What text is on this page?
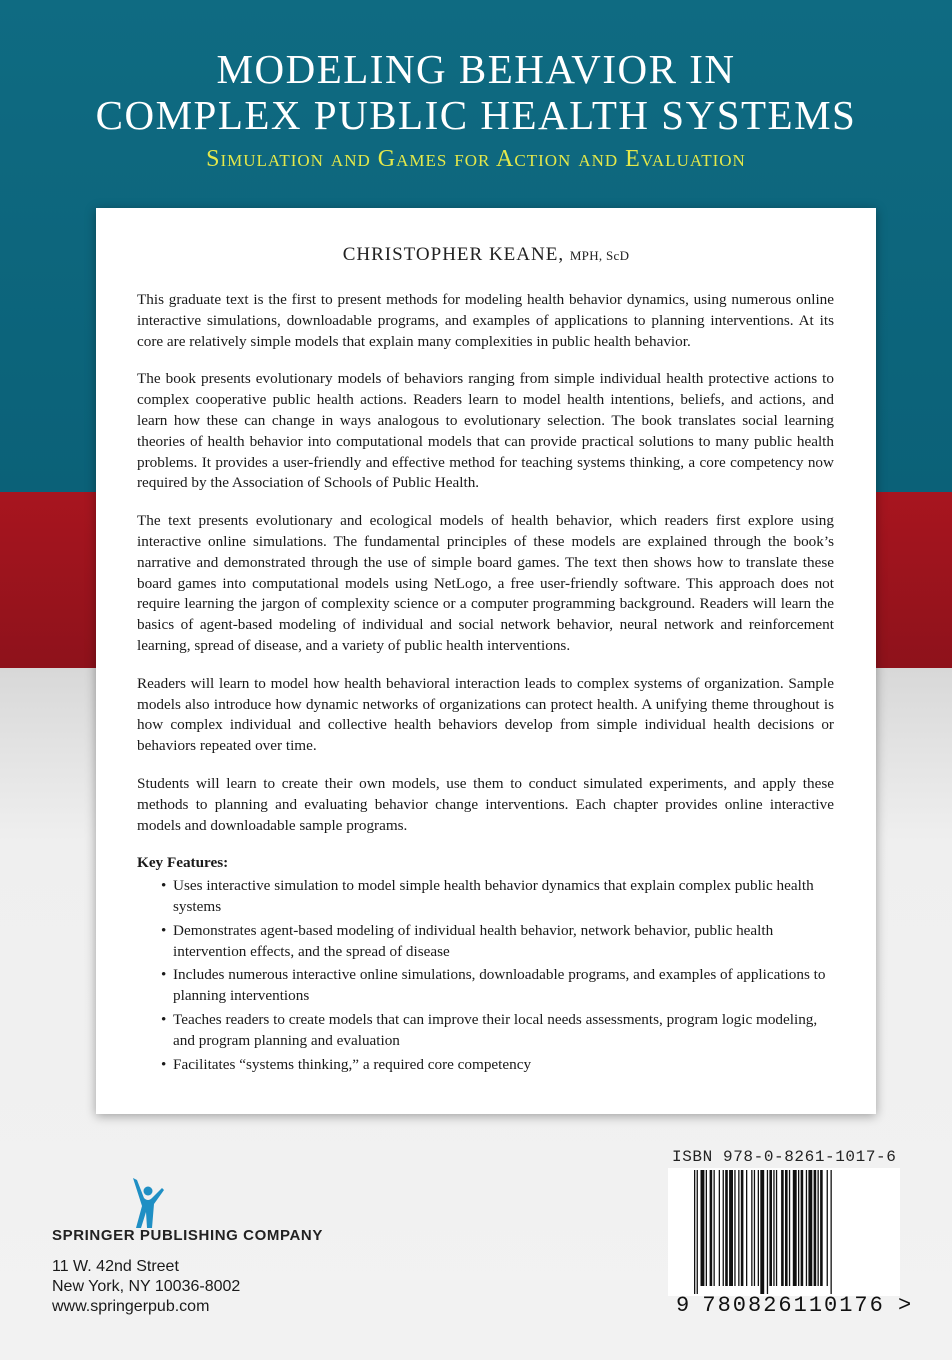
MODELING BEHAVIOR IN
COMPLEX PUBLIC HEALTH SYSTEMS
Simulation and Games for Action and Evaluation
CHRISTOPHER KEANE, MPH, ScD

This graduate text is the first to present methods for modeling health behavior dynamics, using numerous online interactive simulations, downloadable programs, and examples of applications to planning interventions. At its core are relatively simple models that explain many complexities in public health behavior.

The book presents evolutionary models of behaviors ranging from simple individual health protective actions to complex cooperative public health actions. Readers learn to model health intentions, beliefs, and actions, and learn how these can change in ways analogous to evolutionary selection. The book translates social learning theories of health behavior into computational models that can provide practical solutions to many public health problems. It provides a user-friendly and effective method for teaching systems thinking, a core competency now required by the Association of Schools of Public Health.

The text presents evolutionary and ecological models of health behavior, which readers first explore using interactive online simulations. The fundamental principles of these models are explained through the book’s narrative and demonstrated through the use of simple board games. The text then shows how to translate these board games into computational models using NetLogo, a free user-friendly software. This approach does not require learning the jargon of complexity science or a computer programming background. Readers will learn the basics of agent-based modeling of individual and social network behavior, neural network and reinforcement learning, spread of disease, and a variety of public health interventions.

Readers will learn to model how health behavioral interaction leads to complex systems of organization. Sample models also introduce how dynamic networks of organizations can protect health. A unifying theme throughout is how complex individual and collective health behaviors develop from simple individual health decisions or behaviors repeated over time.

Students will learn to create their own models, use them to conduct simulated experiments, and apply these methods to planning and evaluating behavior change interventions. Each chapter provides online interactive models and downloadable sample programs.

Key Features:
• Uses interactive simulation to model simple health behavior dynamics that explain complex public health systems
• Demonstrates agent-based modeling of individual health behavior, network behavior, public health intervention effects, and the spread of disease
• Includes numerous interactive online simulations, downloadable programs, and examples of applications to planning interventions
• Teaches readers to create models that can improve their local needs assessments, program logic modeling, and program planning and evaluation
• Facilitates “systems thinking,” a required core competency
ISBN 978-0-8261-1017-6
9 780826110176 >
SPRINGER PUBLISHING COMPANY
11 W. 42nd Street
New York, NY 10036-8002
www.springerpub.com
